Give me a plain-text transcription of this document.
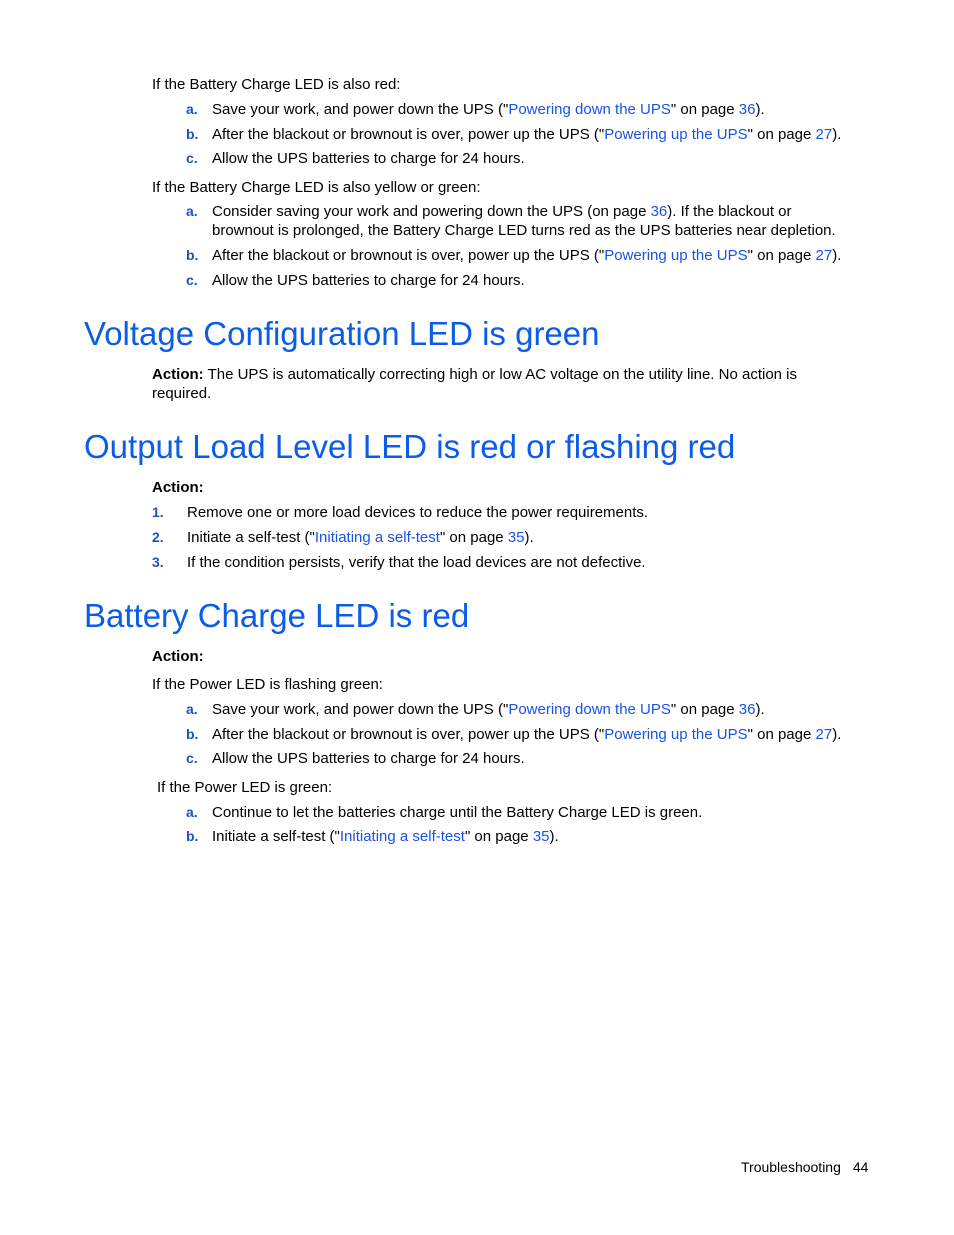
If the Battery Charge LED is also red:
a. Save your work, and power down the UPS ("Powering down the UPS" on page 36).
b. After the blackout or brownout is over, power up the UPS ("Powering up the UPS" on page 27).
c. Allow the UPS batteries to charge for 24 hours.
If the Battery Charge LED is also yellow or green:
a. Consider saving your work and powering down the UPS (on page 36). If the blackout or brownout is prolonged, the Battery Charge LED turns red as the UPS batteries near depletion.
b. After the blackout or brownout is over, power up the UPS ("Powering up the UPS" on page 27).
c. Allow the UPS batteries to charge for 24 hours.
Voltage Configuration LED is green
Action: The UPS is automatically correcting high or low AC voltage on the utility line. No action is required.
Output Load Level LED is red or flashing red
Action:
1.	Remove one or more load devices to reduce the power requirements.
2.	Initiate a self-test ("Initiating a self-test" on page 35).
3.	If the condition persists, verify that the load devices are not defective.
Battery Charge LED is red
Action:
If the Power LED is flashing green:
a. Save your work, and power down the UPS ("Powering down the UPS" on page 36).
b. After the blackout or brownout is over, power up the UPS ("Powering up the UPS" on page 27).
c. Allow the UPS batteries to charge for 24 hours.
If the Power LED is green:
a. Continue to let the batteries charge until the Battery Charge LED is green.
b. Initiate a self-test ("Initiating a self-test" on page 35).
Troubleshooting 44
